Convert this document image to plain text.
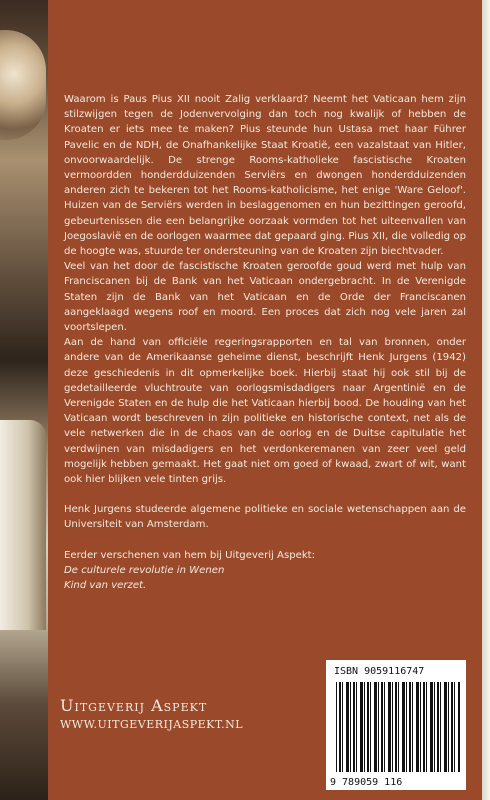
Waarom is Paus Pius XII nooit Zalig verklaard? Neemt het Vaticaan hem zijn stilzwijgen tegen de Jodenvervolging dan toch nog kwalijk of hebben de Kroaten er iets mee te maken? Pius steunde hun Ustasa met haar Führer Pavelic en de NDH, de Onafhankelijke Staat Kroatië, een vazalstaat van Hitler, onvoorwaardelijk. De strenge Rooms-katholieke fascistische Kroaten vermoordden honderdduizenden Serviërs en dwongen honderdduizenden anderen zich te bekeren tot het Rooms-katholicisme, het enige 'Ware Geloof'. Huizen van de Serviërs werden in beslaggenomen en hun bezittingen geroofd, gebeurtenissen die een belangrijke oorzaak vormden tot het uiteenvallen van Joegoslavië en de oorlogen waarmee dat gepaard ging. Pius XII, die volledig op de hoogte was, stuurde ter ondersteuning van de Kroaten zijn biechtvader.

Veel van het door de fascistische Kroaten geroofde goud werd met hulp van Franciscanen bij de Bank van het Vaticaan ondergebracht. In de Verenigde Staten zijn de Bank van het Vaticaan en de Orde der Franciscanen aangeklaagd wegens roof en moord. Een proces dat zich nog vele jaren zal voortslepen.

Aan de hand van officiële regeringsrapporten en tal van bronnen, onder andere van de Amerikaanse geheime dienst, beschrijft Henk Jurgens (1942) deze geschiedenis in dit opmerkelijke boek. Hierbij staat hij ook stil bij de gedetailleerde vluchtroute van oorlogsmisdadigers naar Argentinië en de Verenigde Staten en de hulp die het Vaticaan hierbij bood. De houding van het Vaticaan wordt beschreven in zijn politieke en historische context, net als de vele netwerken die in de chaos van de oorlog en de Duitse capitulatie het verdwijnen van misdadigers en het verdonkeremanen van zeer veel geld mogelijk hebben gemaakt. Het gaat niet om goed of kwaad, zwart of wit, want ook hier blijken vele tinten grijs.

Henk Jurgens studeerde algemene politieke en sociale wetenschappen aan de Universiteit van Amsterdam.

Eerder verschenen van hem bij Uitgeverij Aspekt:

De culturele revolutie in Wenen

Kind van verzet.

Uitgeverij Aspekt
WWW.UITGEVERIJASPEKT.NL
ISBN 9059116747
9 789059 116
